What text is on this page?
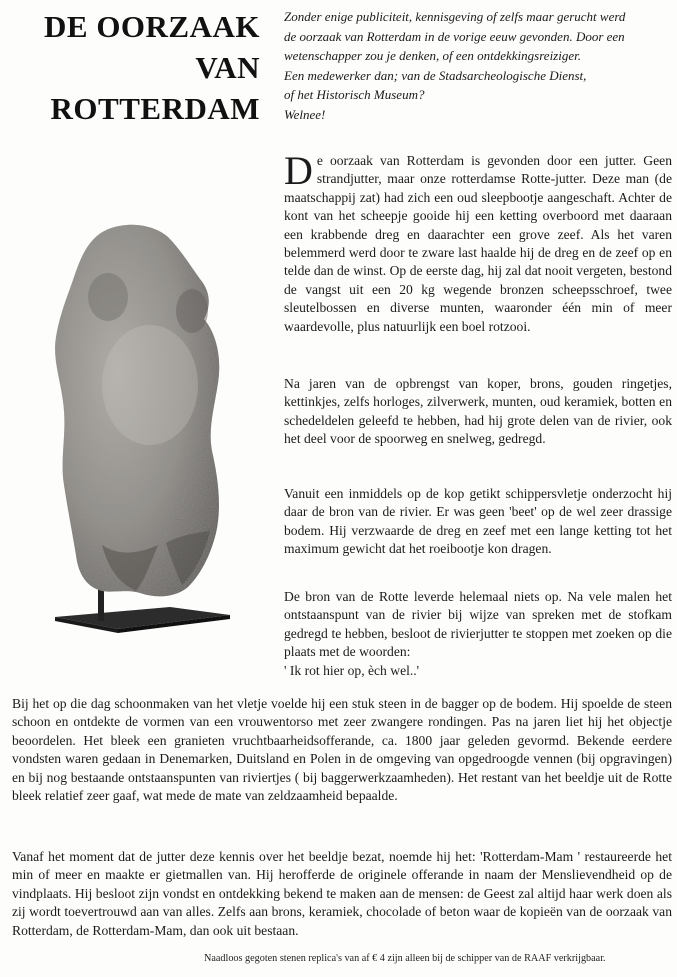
DE OORZAAK
VAN
ROTTERDAM
Zonder enige publiciteit, kennisgeving of zelfs maar gerucht werd
de oorzaak van Rotterdam in de vorige eeuw gevonden. Door een
wetenschapper zou je denken, of een ontdekkingsreiziger.
Een medewerker dan; van de Stadsarcheologische Dienst,
of het Historisch Museum?
Welnee!

De oorzaak van Rotterdam is gevonden door een jutter. Geen strandjutter, maar onze rotterdamse Rotte-jutter. Deze man (de maatschappij zat) had zich een oud sleepbootje aangeschaft. Achter de kont van het scheepje gooide hij een ketting overboord met daaraan een krabbende dreg en daarachter een grove zeef. Als het varen belemmerd werd door te zware last haalde hij de dreg en de zeef op en telde dan de winst. Op de eerste dag, hij zal dat nooit vergeten, bestond de vangst uit een 20 kg wegende bronzen scheepsschroef, twee sleutelbossen en diverse munten, waaronder één min of meer waardevolle, plus natuurlijk een boel rotzooi.

Na jaren van de opbrengst van koper, brons, gouden ringetjes, kettinkjes, zelfs horloges, zilverwerk, munten, oud keramiek, botten en schedeldelen geleefd te hebben, had hij grote delen van de rivier, ook het deel voor de spoorweg en snelweg, gedregd.

Vanuit een inmiddels op de kop getikt schippersvletje onderzocht hij daar de bron van de rivier. Er was geen 'beet' op de wel zeer drassige bodem. Hij verzwaarde de dreg en zeef met een lange ketting tot het maximum gewicht dat het roeibootje kon dragen.

De bron van de Rotte leverde helemaal niets op. Na vele malen het ontstaanspunt van de rivier bij wijze van spreken met de stofkam gedregd te hebben, besloot de rivierjutter te stoppen met zoeken op die plaats met de woorden:

' Ik rot hier op, èch wel..'

Bij het op die dag schoonmaken van het vletje voelde hij een stuk steen in de bagger op de bodem. Hij spoelde de steen schoon en ontdekte de vormen van een vrouwentorso met zeer zwangere rondingen. Pas na jaren liet hij het objectje beoordelen. Het bleek een granieten vruchtbaarheidsofferande, ca. 1800 jaar geleden gevormd. Bekende eerdere vondsten waren gedaan in Denemarken, Duitsland en Polen in de omgeving van opgedroogde vennen (bij opgravingen) en bij nog bestaande ontstaanspunten van riviertjes ( bij baggerwerkzaamheden). Het restant van het beeldje uit de Rotte bleek relatief zeer gaaf, wat mede de mate van zeldzaamheid bepaalde.

Vanaf het moment dat de jutter deze kennis over het beeldje bezat, noemde hij het: 'Rotterdam-Mam ' restaureerde het min of meer en maakte er gietmallen van. Hij herofferde de originele offerande in naam der Menslievendheid op de vindplaats. Hij besloot zijn vondst en ontdekking bekend te maken aan de mensen: de Geest zal altijd haar werk doen als zij wordt toevertrouwd aan van alles. Zelfs aan brons, keramiek, chocolade of beton waar de kopieën van de oorzaak van Rotterdam, de Rotterdam-Mam, dan ook uit bestaan.

Naadloos gegoten stenen replica's van af € 4 zijn alleen bij de schipper van de RAAF verkrijgbaar.
